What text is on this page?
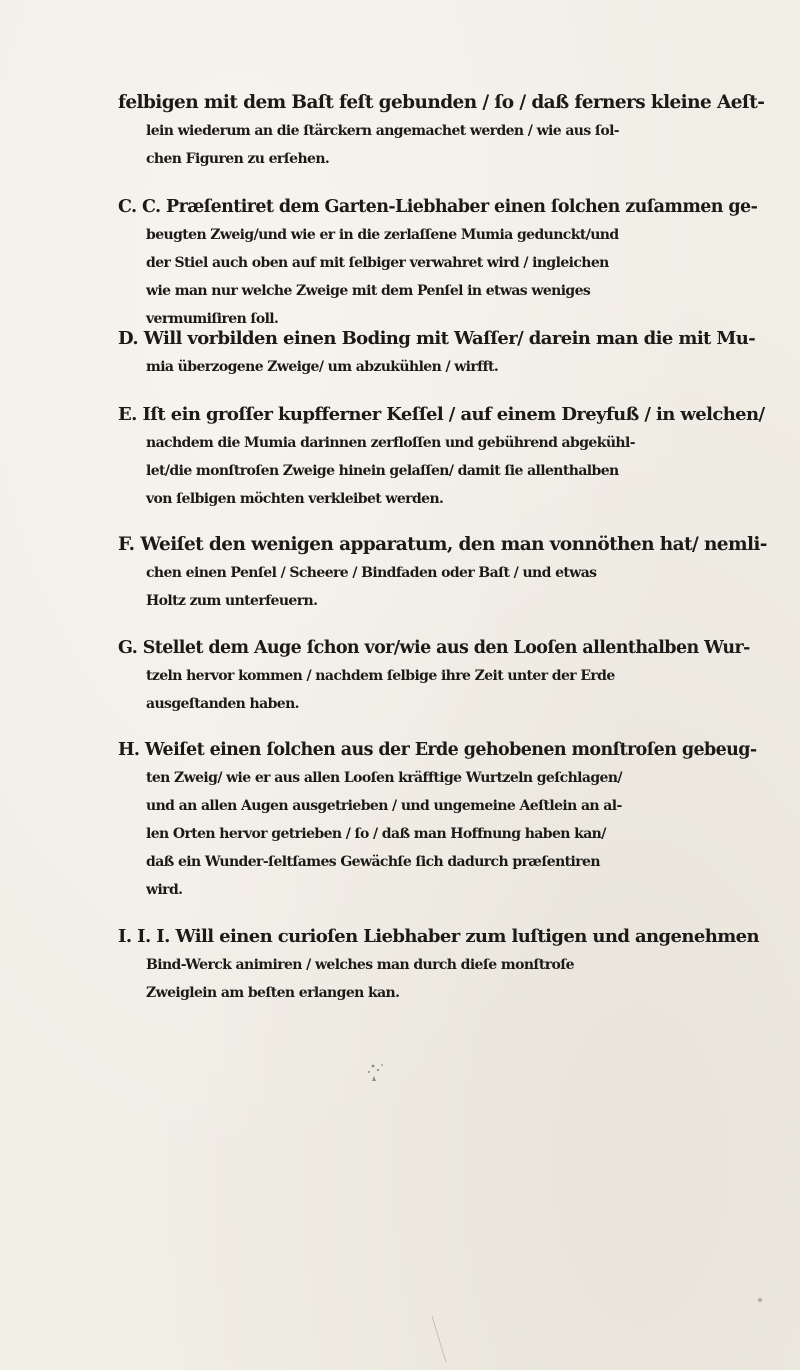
felbigen mit dem Baſt feſt gebunden / ſo / daß ferners kleine Aeſt-
lein wiederum an die ſtärckern angemachet werden / wie aus ſol-
chen Figuren zu erſehen.

C. C. Præſentiret dem Garten-Liebhaber einen ſolchen zuſammen ge-
beugten Zweig/und wie er in die zerlaſſene Mumia gedunckt/und
der Stiel auch oben auf mit ſelbiger verwahret wird / ingleichen
wie man nur welche Zweige mit dem Penſel in etwas weniges
vermumiſiren ſoll.

D. Will vorbilden einen Boding mit Waſſer/ darein man die mit Mu-
mia überzogene Zweige/ um abzukühlen / wirfft.

E. Iſt ein groſſer kupfferner Keſſel / auf einem Dreyfuß / in welchen/
nachdem die Mumia darinnen zerfloſſen und gebührend abgekühl-
let/die monſtroſen Zweige hinein gelaſſen/ damit ſie allenthalben
von ſelbigen möchten verkleibet werden.

F. Weiſet den wenigen apparatum, den man vonnöthen hat/ nemli-
chen einen Penſel / Scheere / Bindfaden oder Baſt / und etwas
Holtz zum unterfeuern.

G. Stellet dem Auge ſchon vor/wie aus den Looſen allenthalben Wur-
tzeln hervor kommen / nachdem ſelbige ihre Zeit unter der Erde
ausgeſtanden haben.

H. Weiſet einen ſolchen aus der Erde gehobenen monſtroſen gebeug-
ten Zweig/ wie er aus allen Looſen kräfftige Wurtzeln geſchlagen/
und an allen Augen ausgetrieben / und ungemeine Aeſtlein an al-
len Orten hervor getrieben / ſo / daß man Hoffnung haben kan/
daß ein Wunder-ſeltſames Gewächſe ſich dadurch præſentiren
wird.

I. I. I. Will einen curioſen Liebhaber zum luſtigen und angenehmen
Bind-Werck animiren / welches man durch dieſe monſtroſe
Zweiglein am beſten erlangen kan.
